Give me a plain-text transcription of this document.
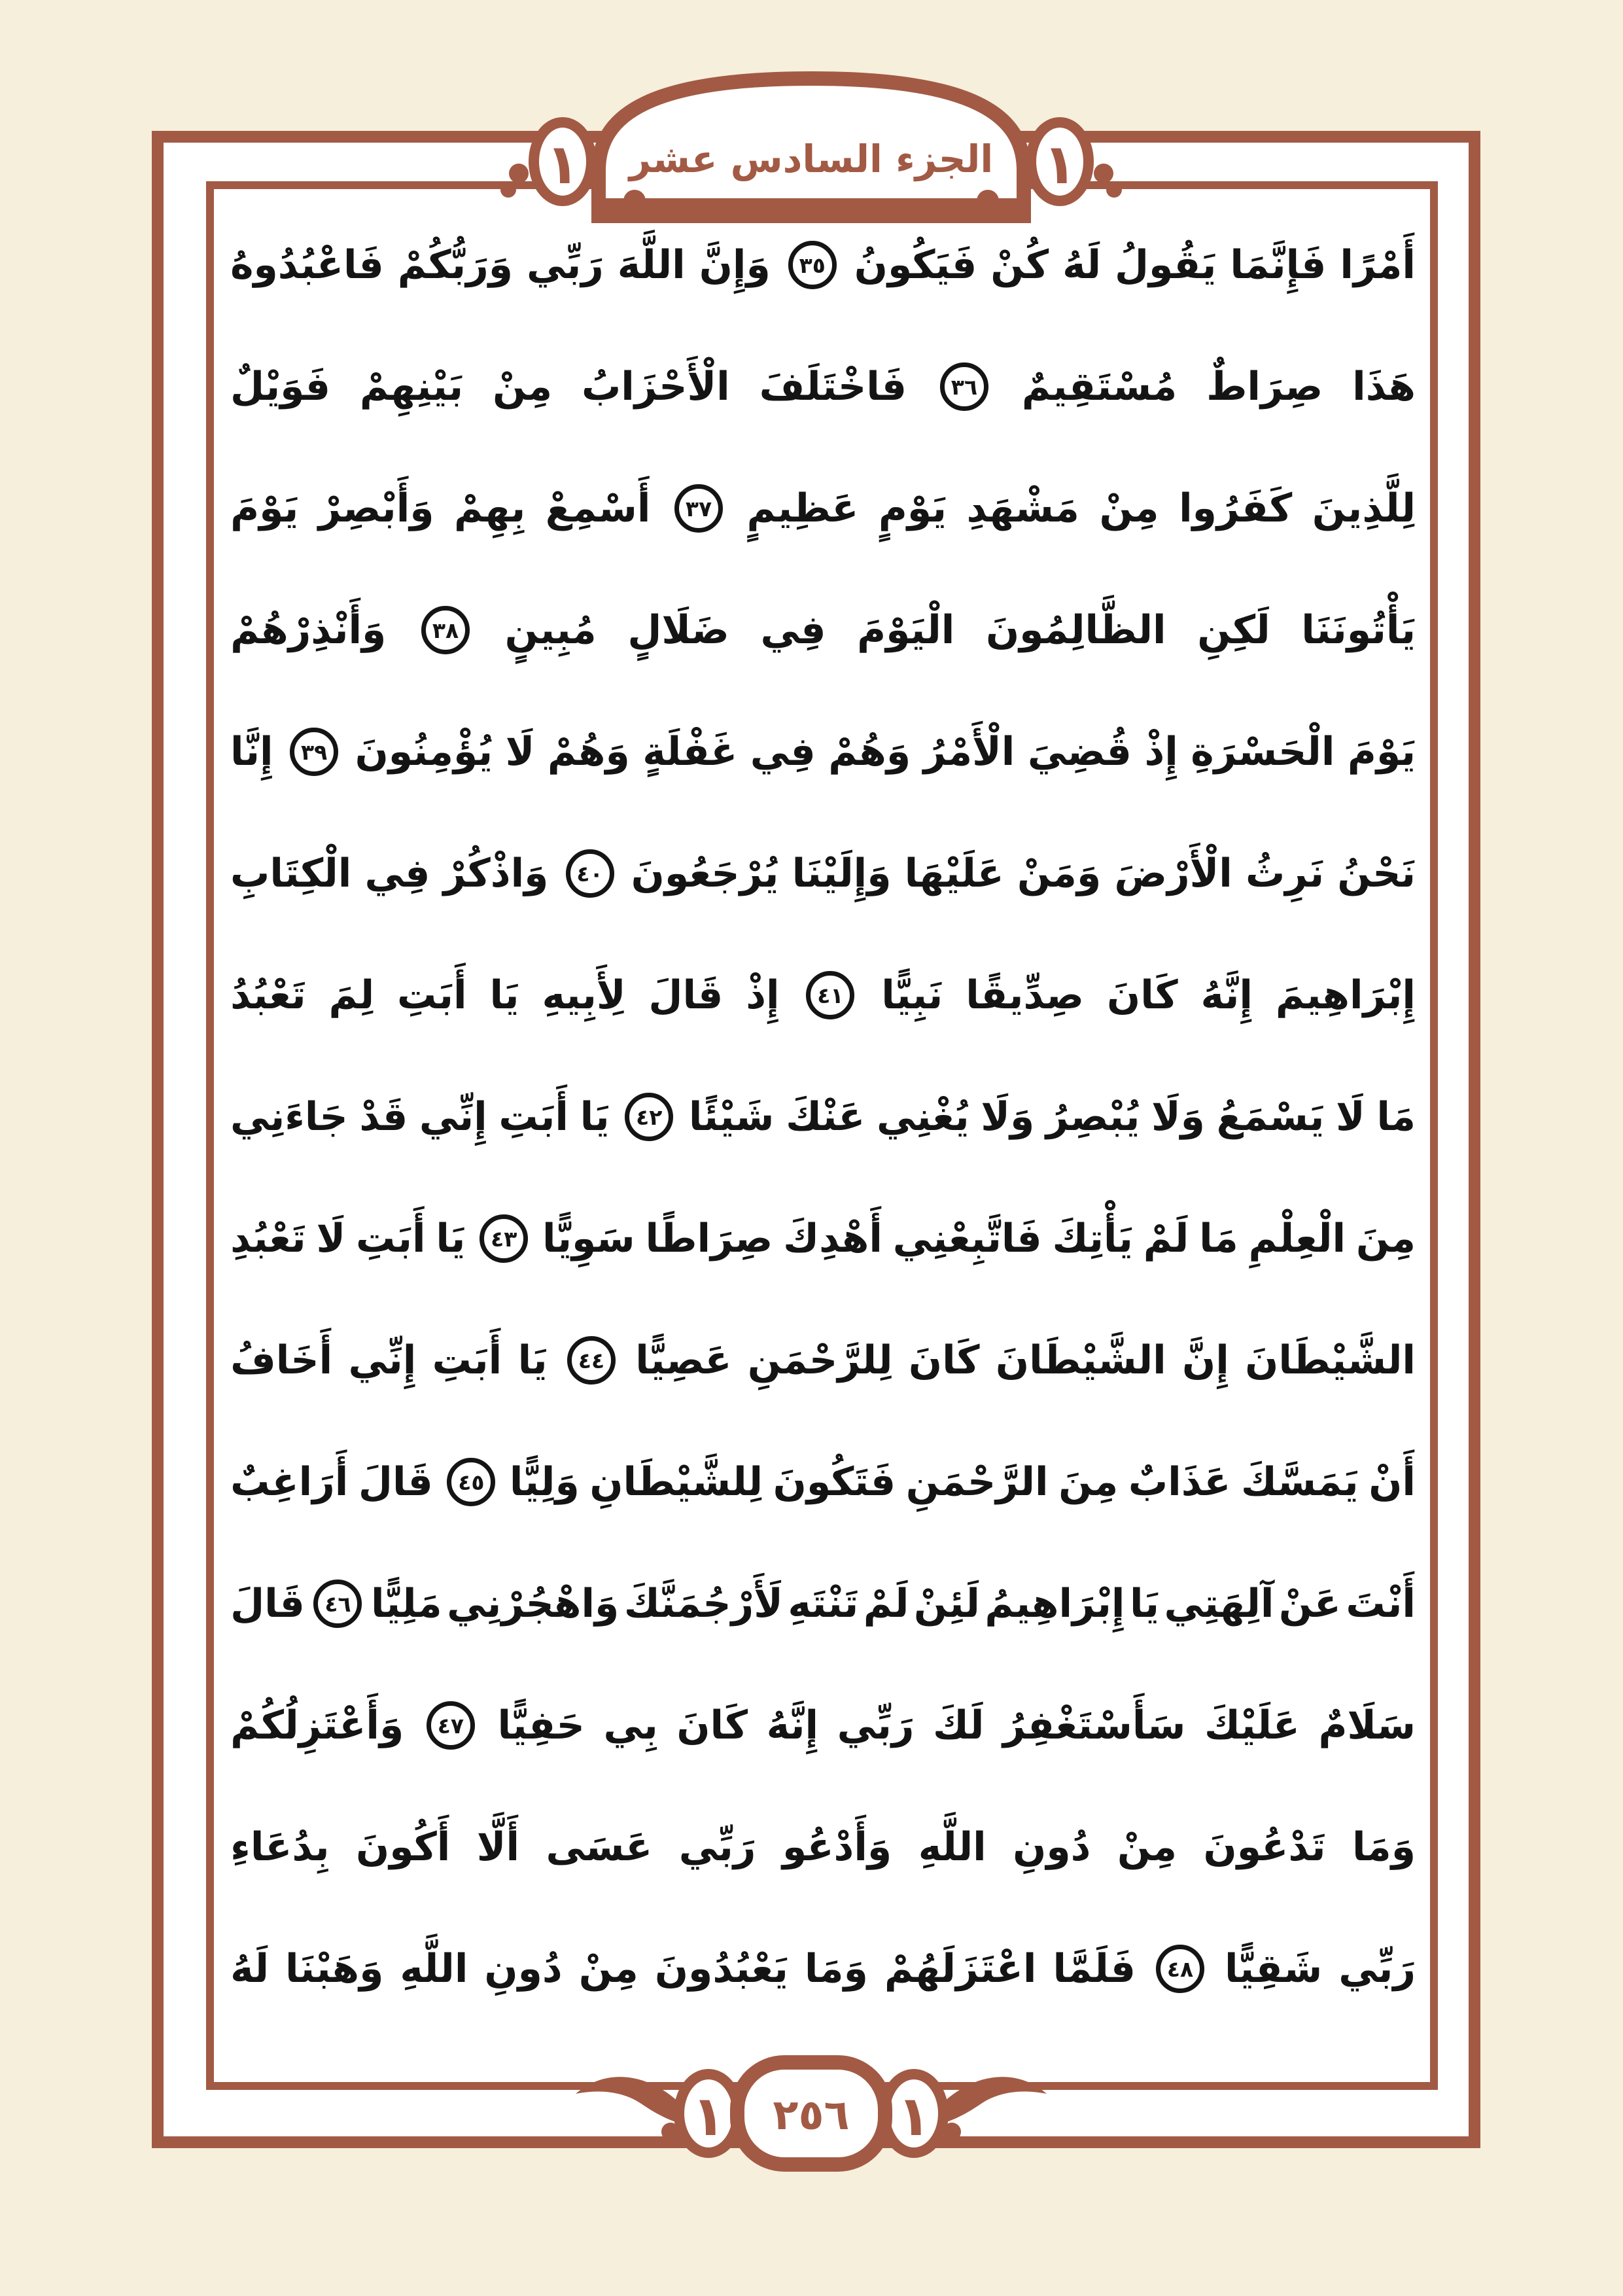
١	١
الجزء السادس عشر
١	١
٢٥٦
أَمْرًا
فَإِنَّمَا
يَقُولُ
لَهُ
كُنْ
فَيَكُونُ
٣٥
وَإِنَّ
اللَّهَ
رَبِّي
وَرَبُّكُمْ
فَاعْبُدُوهُ
هَذَا
صِرَاطٌ
مُسْتَقِيمٌ
٣٦
فَاخْتَلَفَ
الْأَحْزَابُ
مِنْ
بَيْنِهِمْ
فَوَيْلٌ
لِلَّذِينَ
كَفَرُوا
مِنْ
مَشْهَدِ
يَوْمٍ
عَظِيمٍ
٣٧
أَسْمِعْ
بِهِمْ
وَأَبْصِرْ
يَوْمَ
يَأْتُونَنَا
لَكِنِ
الظَّالِمُونَ
الْيَوْمَ
فِي
ضَلَالٍ
مُبِينٍ
٣٨
وَأَنْذِرْهُمْ
يَوْمَ
الْحَسْرَةِ
إِذْ
قُضِيَ
الْأَمْرُ
وَهُمْ
فِي
غَفْلَةٍ
وَهُمْ
لَا
يُؤْمِنُونَ
٣٩
إِنَّا
نَحْنُ
نَرِثُ
الْأَرْضَ
وَمَنْ
عَلَيْهَا
وَإِلَيْنَا
يُرْجَعُونَ
٤٠
وَاذْكُرْ
فِي
الْكِتَابِ
إِبْرَاهِيمَ
إِنَّهُ
كَانَ
صِدِّيقًا
نَبِيًّا
٤١
إِذْ
قَالَ
لِأَبِيهِ
يَا
أَبَتِ
لِمَ
تَعْبُدُ
مَا
لَا
يَسْمَعُ
وَلَا
يُبْصِرُ
وَلَا
يُغْنِي
عَنْكَ
شَيْئًا
٤٢
يَا
أَبَتِ
إِنِّي
قَدْ
جَاءَنِي
مِنَ
الْعِلْمِ
مَا
لَمْ
يَأْتِكَ
فَاتَّبِعْنِي
أَهْدِكَ
صِرَاطًا
سَوِيًّا
٤٣
يَا
أَبَتِ
لَا
تَعْبُدِ
الشَّيْطَانَ
إِنَّ
الشَّيْطَانَ
كَانَ
لِلرَّحْمَنِ
عَصِيًّا
٤٤
يَا
أَبَتِ
إِنِّي
أَخَافُ
أَنْ
يَمَسَّكَ
عَذَابٌ
مِنَ
الرَّحْمَنِ
فَتَكُونَ
لِلشَّيْطَانِ
وَلِيًّا
٤٥
قَالَ
أَرَاغِبٌ
أَنْتَ
عَنْ
آلِهَتِي
يَا
إِبْرَاهِيمُ
لَئِنْ
لَمْ
تَنْتَهِ
لَأَرْجُمَنَّكَ
وَاهْجُرْنِي
مَلِيًّا
٤٦
قَالَ
سَلَامٌ
عَلَيْكَ
سَأَسْتَغْفِرُ
لَكَ
رَبِّي
إِنَّهُ
كَانَ
بِي
حَفِيًّا
٤٧
وَأَعْتَزِلُكُمْ
وَمَا
تَدْعُونَ
مِنْ
دُونِ
اللَّهِ
وَأَدْعُو
رَبِّي
عَسَى
أَلَّا
أَكُونَ
بِدُعَاءِ
رَبِّي
شَقِيًّا
٤٨
فَلَمَّا
اعْتَزَلَهُمْ
وَمَا
يَعْبُدُونَ
مِنْ
دُونِ
اللَّهِ
وَهَبْنَا
لَهُ
